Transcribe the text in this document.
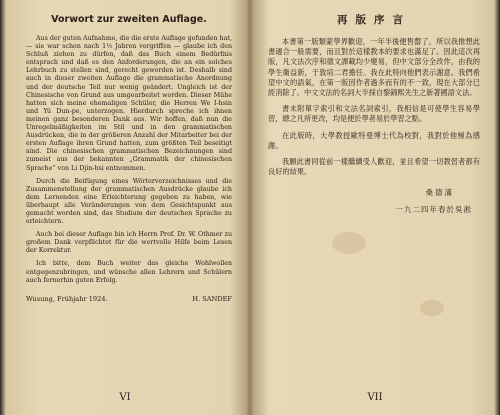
Vorwort zur zweiten Auflage.

Aus der guten Aufnahme, die die erste Auflage gefunden hat, — sie war schon nach 1½ Jahren vergriffen — glaube ich den Schluß ziehen zu dürfen, daß das Buch einem Bedürfnis entsprach und daß es den Anforderungen, die an ein solches Lehrbuch zu stellen sind, gerecht geworden ist. Deshalb sind auch in dieser zweiten Auflage die grammatische Anordnung und der deutsche Teil nur wenig geändert. Ungleich ist der Chinesische von Grund aus umgearbeitet worden. Dieser Mühe hatten sich meine ehemaligen Schüler, die Herren We I-hsin und Yü Dun-pe, unterzogen. Hierdurch spreche ich ihnen meinen ganz besonderen Dank aus. Wir hoffen, daß nun die Unregelmäßigkeiten im Stil und in den grammatischen Ausdrücken, die in der größeren Anzahl der Mitarbeiter bei der ersten Auflage ihren Grund hatten, zum größten Teil beseitigt sind. Die chinesischen grammatischen Bezeichnungen sind zumeist aus der bekannten „Grammatik der chinesischen Sprache“ von Li Djin-hsi entnommen.

Durch die Beifügung eines Wörterverzeichnisses und die Zusammenstellung der grammatischen Ausdrücke glaube ich dem Lernenden eine Erleichterung gegeben zu haben, wie überhaupt alle Veränderungen von dem Gesichtspunkt aus gemacht worden sind, das Studium der deutschen Sprache zu erleichtern.

Auch bei dieser Auflage bin ich Herrn Prof. Dr. W. Othmer zu großem Dank verpflichtet für die wertvolle Hilfe beim Lesen der Korrektur.

Ich bitte, dem Buch weiter das gleiche Wohlwollen entgegenzubringen, und wünsche allen Lehrern und Schülern auch fernerhin guten Erfolg.

Wusung, Frühjahr 1924.	H. SANDEF
VI
再版序言

本書第一版類蒙學界歡迎，一年半後便售罄了，所以我推想此書適合一般需要，而且對於這樣教本的要求也滿足了。因此這次再版，凡文法次序和德文課載均少變易，但中文部分全改作，由我的學生衛益新，于敦培二君擔任。我在此特向他們表示謝意。我們希望中文的語氣，在第一版因作者過多而有的不一致，現在大部分已經消除了。中文文法的名詞大半採自黎錦熙先生之新著國語文法。

書末附單字索引和文法名詞索引，我相信是可使學生容易學習，總之凡所更改，均是便於學者易於學習之點。

在此版時，大學教授歐特曼博士代為校對，我對於他極為感謝。

我願此書同從前一樣繼續受人歡迎，並且希望一切教習者都有良好的結果。

桑德滿
一九二四年春於吳淞
VII
